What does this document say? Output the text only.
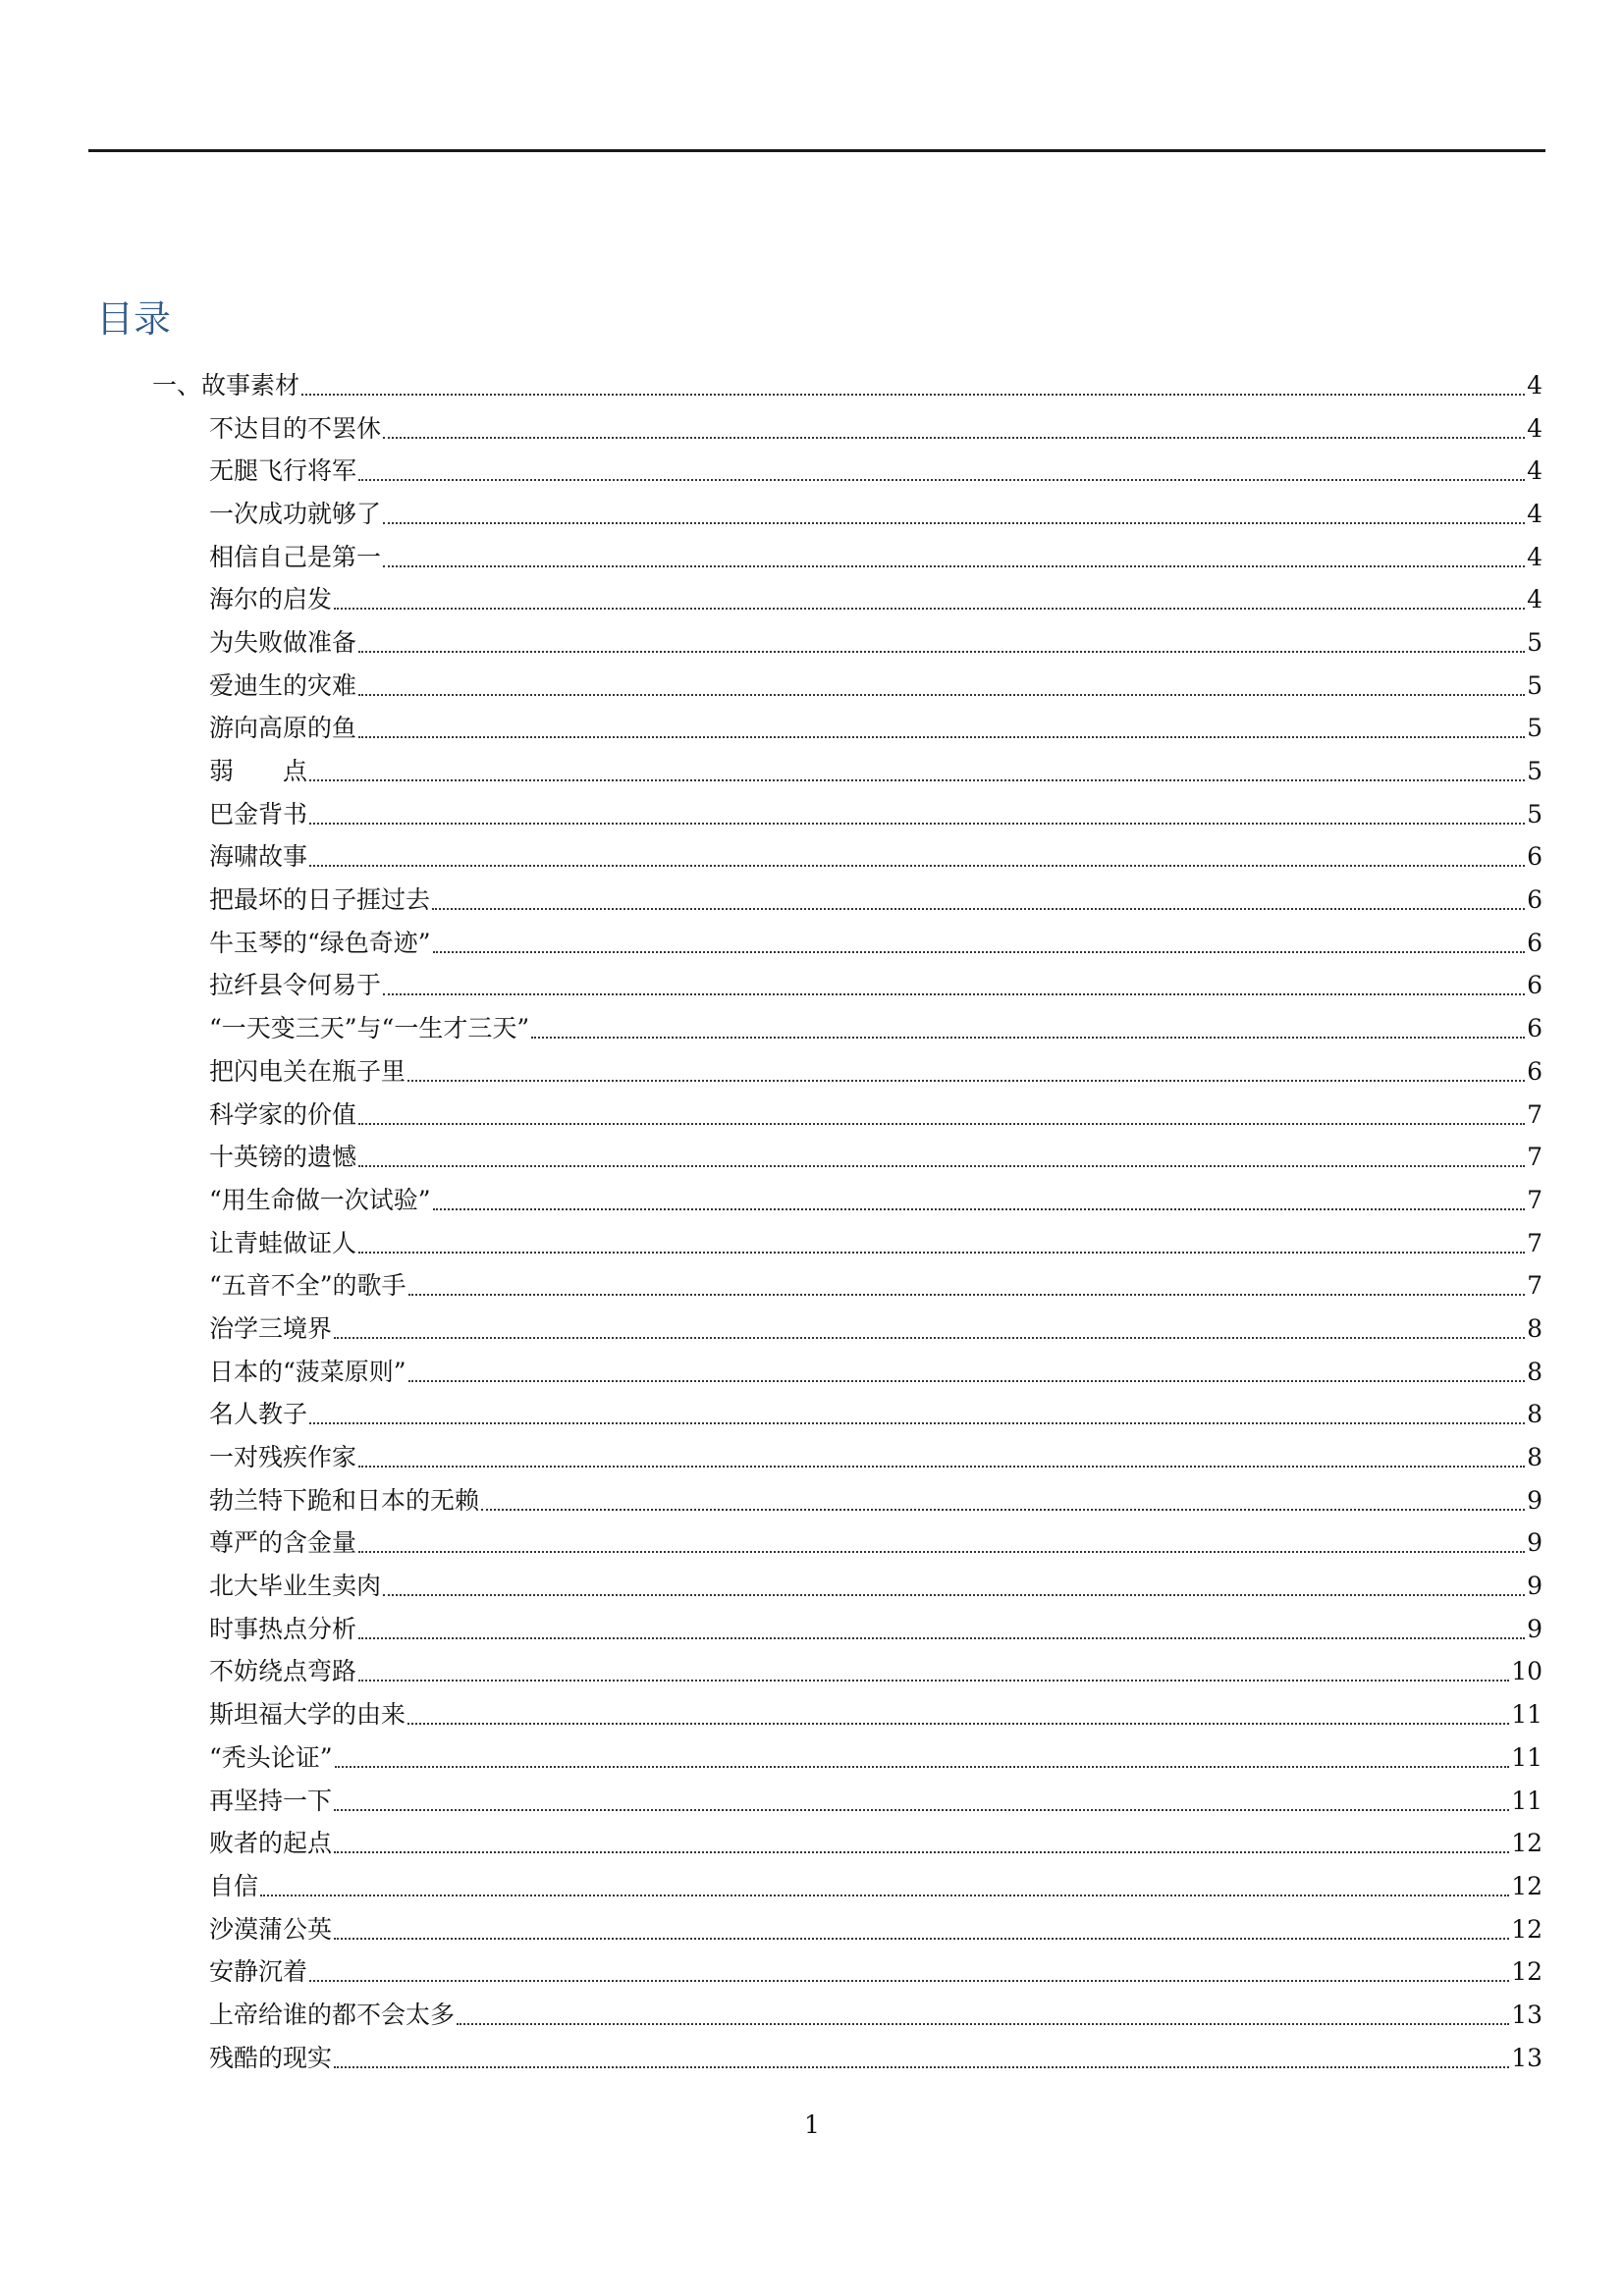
目录
一、故事素材	4
不达目的不罢休	4
无腿飞行将军	4
一次成功就够了	4
相信自己是第一	4
海尔的启发	4
为失败做准备	5
爱迪生的灾难	5
游向高原的鱼	5
弱　　点	5
巴金背书	5
海啸故事	6
把最坏的日子捱过去	6
牛玉琴的“绿色奇迹”	6
拉纤县令何易于	6
“一天变三天”与“一生才三天”	6
把闪电关在瓶子里	6
科学家的价值	7
十英镑的遗憾	7
“用生命做一次试验”	7
让青蛙做证人	7
“五音不全”的歌手	7
治学三境界	8
日本的“菠菜原则”	8
名人教子	8
一对残疾作家	8
勃兰特下跪和日本的无赖	9
尊严的含金量	9
北大毕业生卖肉	9
时事热点分析	9
不妨绕点弯路	10
斯坦福大学的由来	11
“秃头论证”	11
再坚持一下	11
败者的起点	12
自信	12
沙漠蒲公英	12
安静沉着	12
上帝给谁的都不会太多	13
残酷的现实	13
1
